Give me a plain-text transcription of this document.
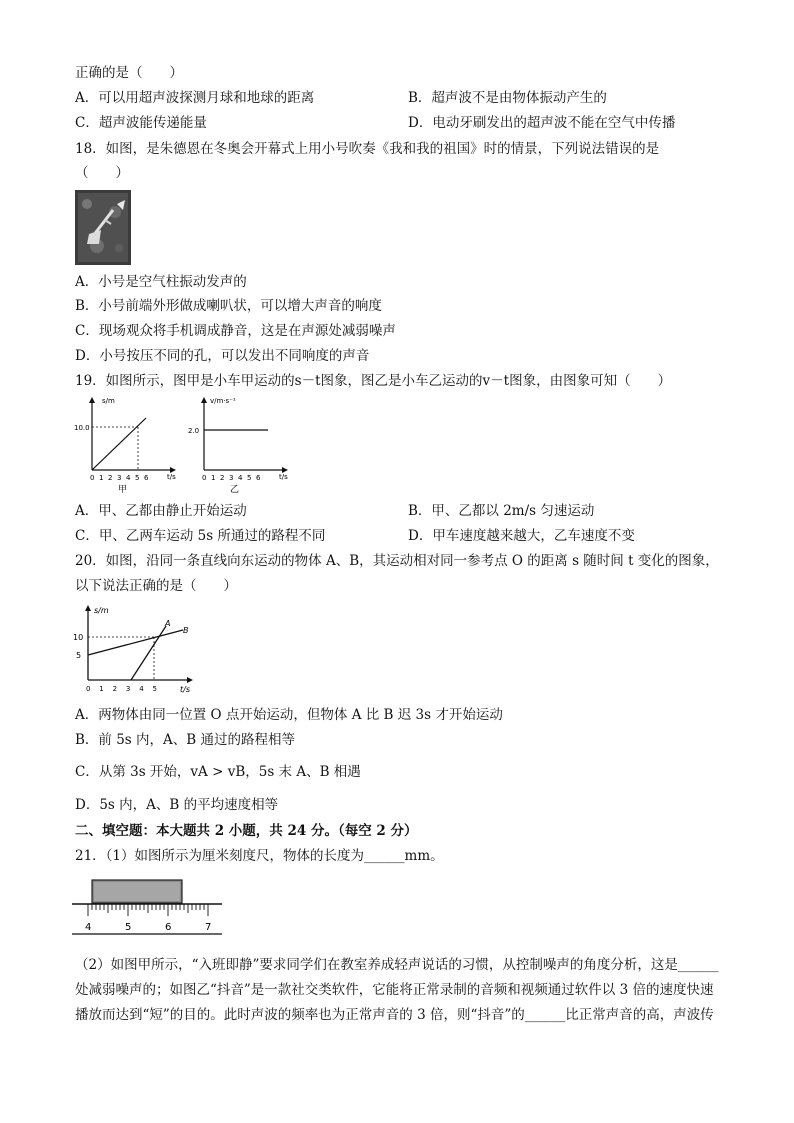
正确的是（　　）
A．可以用超声波探测月球和地球的距离	B．超声波不是由物体振动产生的
C．超声波能传递能量	D．电动牙刷发出的超声波不能在空气中传播
18．如图，是朱德恩在冬奥会开幕式上用小号吹奏《我和我的祖国》时的情景，下列说法错误的是
（　　）
A．小号是空气柱振动发声的
B．小号前端外形做成喇叭状，可以增大声音的响度
C．现场观众将手机调成静音，这是在声源处减弱噪声
D．小号按压不同的孔，可以发出不同响度的声音
19．如图所示，图甲是小车甲运动的s－t图象，图乙是小车乙运动的v－t图象，由图象可知（　　）
s/m
10.0
t/s
0 1 2 3 4 5 6
甲
v/m·s⁻¹
2.0
t/s
0 1 2 3 4 5 6
乙
A．甲、乙都由静止开始运动	B．甲、乙都以 2m/s 匀速运动
C．甲、乙两车运动 5s 所通过的路程不同	D．甲车速度越来越大，乙车速度不变
20．如图，沿同一条直线向东运动的物体 A、B，其运动相对同一参考点 O 的距离 s 随时间 t 变化的图象，
以下说法正确的是（　　）
s/m
10
5
A
B
t/s
0 1 2 3 4 5
A．两物体由同一位置 O 点开始运动，但物体 A 比 B 迟 3s 才开始运动
B．前 5s 内，A、B 通过的路程相等
C．从第 3s 开始，vA > vB，5s 末 A、B 相遇
D．5s 内，A、B 的平均速度相等
二、填空题：本大题共 2 小题，共 24 分。（每空 2 分）
21．（1）如图所示为厘米刻度尺，物体的长度为______mm。
4	5	6	7
（2）如图甲所示，“入班即静”要求同学们在教室养成轻声说话的习惯，从控制噪声的角度分析，这是______
处减弱噪声的；如图乙“抖音”是一款社交类软件，它能将正常录制的音频和视频通过软件以 3 倍的速度快速
播放而达到“短”的目的。此时声波的频率也为正常声音的 3 倍，则“抖音”的______比正常声音的高，声波传
